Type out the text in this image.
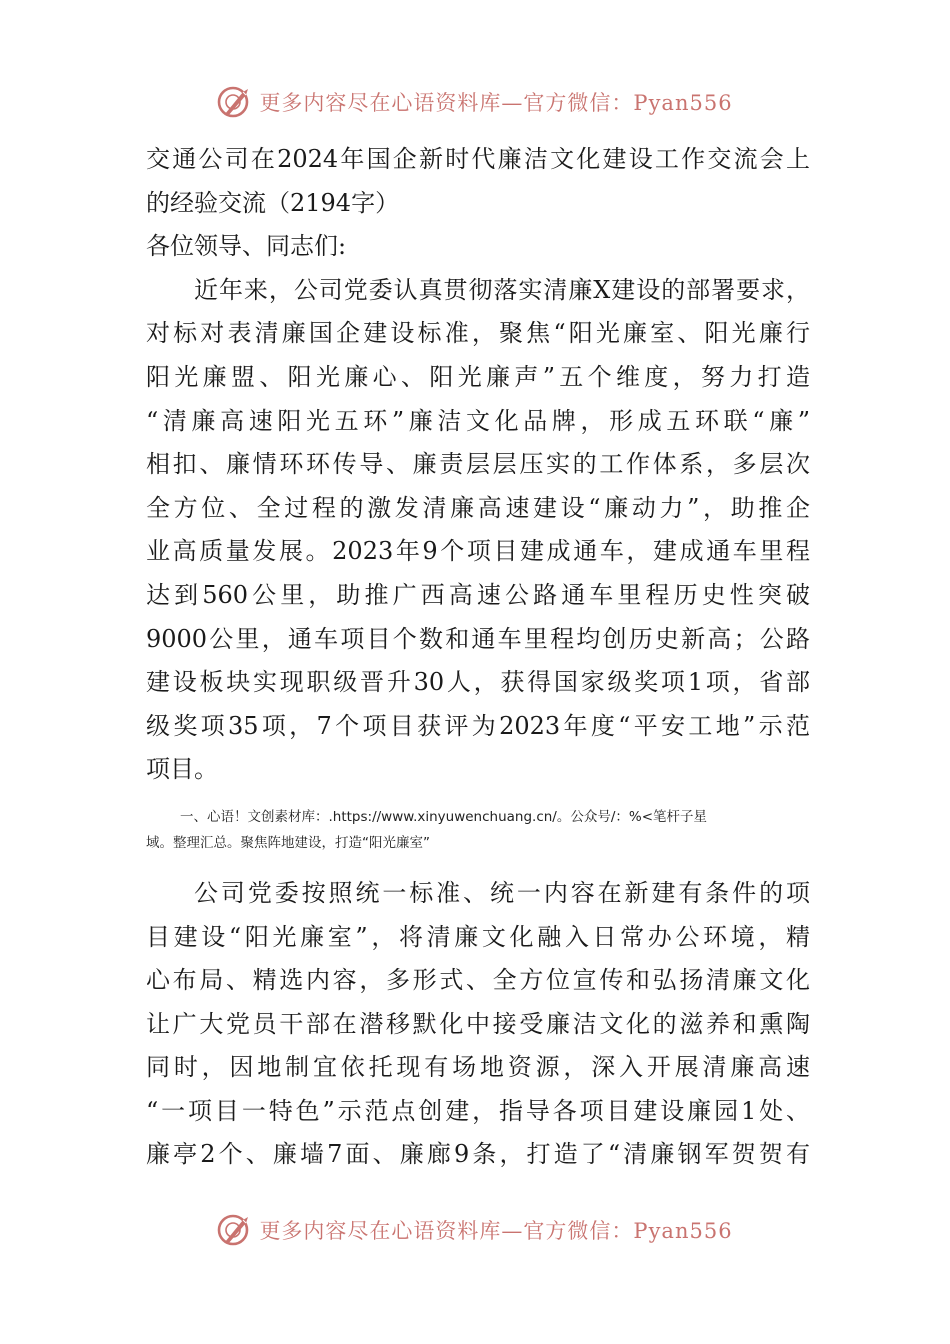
更多内容尽在心语资料库—官方微信：Pyan556
交通公司在2024年国企新时代廉洁文化建设工作交流会上
的经验交流（2194字）
各位领导、同志们:
近年来，公司党委认真贯彻落实清廉X建设的部署要求，
对标对表清廉国企建设标准，聚焦“阳光廉室、阳光廉行
阳光廉盟、阳光廉心、阳光廉声”五个维度，努力打造
“清廉高速阳光五环”廉洁文化品牌，形成五环联“廉”
相扣、廉情环环传导、廉责层层压实的工作体系，多层次
全方位、全过程的激发清廉高速建设“廉动力”，助推企
业高质量发展。2023年9个项目建成通车，建成通车里程
达到560公里，助推广西高速公路通车里程历史性突破
9000公里，通车项目个数和通车里程均创历史新高；公路
建设板块实现职级晋升30人，获得国家级奖项1项，省部
级奖项35项，7个项目获评为2023年度“平安工地”示范
项目。
一、心语！文创素材库：.https://www.xinyuwenchuang.cn/。公众号/：%<笔杆子星
域。整理汇总。聚焦阵地建设，打造“阳光廉室”
公司党委按照统一标准、统一内容在新建有条件的项
目建设“阳光廉室”，将清廉文化融入日常办公环境，精
心布局、精选内容，多形式、全方位宣传和弘扬清廉文化
让广大党员干部在潜移默化中接受廉洁文化的滋养和熏陶
同时，因地制宜依托现有场地资源，深入开展清廉高速
“一项目一特色”示范点创建，指导各项目建设廉园1处、
廉亭2个、廉墙7面、廉廊9条，打造了“清廉钢军贺贺有
更多内容尽在心语资料库—官方微信：Pyan556
